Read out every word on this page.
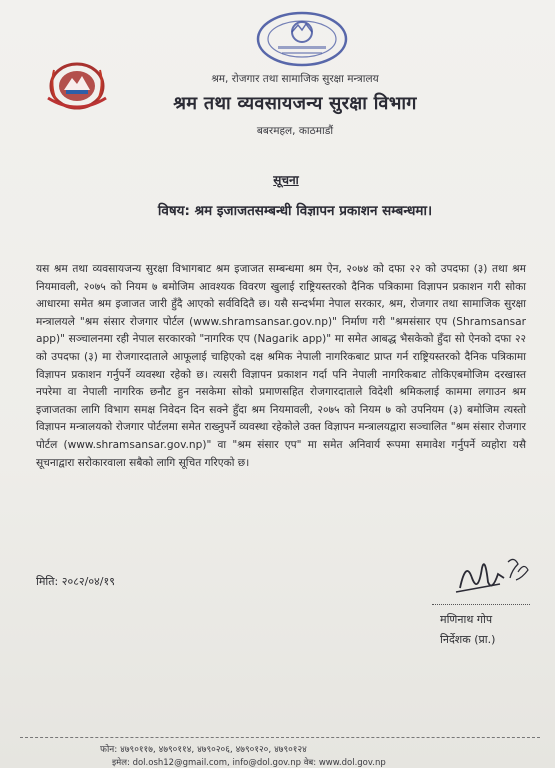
श्रम, रोजगार तथा सामाजिक सुरक्षा मन्त्रालय
श्रम तथा व्यवसायजन्य सुरक्षा विभाग
बबरमहल, काठमाडौं
सूचना
विषय: श्रम इजाजतसम्बन्धी विज्ञापन प्रकाशन सम्बन्धमा।
यस श्रम तथा व्यवसायजन्य सुरक्षा विभागबाट श्रम इजाजत सम्बन्धमा श्रम ऐन, २०७४ को दफा २२ को उपदफा (३) तथा श्रम नियमावली, २०७५ को नियम ७ बमोजिम आवश्यक विवरण खुलाई राष्ट्रियस्तरको दैनिक पत्रिकामा विज्ञापन प्रकाशन गरी सोका आधारमा समेत श्रम इजाजत जारी हुँदै आएको सर्वविदितै छ। यसै सन्दर्भमा नेपाल सरकार, श्रम, रोजगार तथा सामाजिक सुरक्षा मन्त्रालयले "श्रम संसार रोजगार पोर्टल (www.shramsansar.gov.np)" निर्माण गरी "श्रमसंसार एप (Shramsansar app)" सञ्चालनमा रही नेपाल सरकारको "नागरिक एप (Nagarik app)" मा समेत आबद्ध भैसकेको हुँदा सो ऐनको दफा २२ को उपदफा (३) मा रोजगारदाताले आफूलाई चाहिएको दक्ष श्रमिक नेपाली नागरिकबाट प्राप्त गर्न राष्ट्रियस्तरको दैनिक पत्रिकामा विज्ञापन प्रकाशन गर्नुपर्ने व्यवस्था रहेको छ। त्यसरी विज्ञापन प्रकाशन गर्दा पनि नेपाली नागरिकबाट तोकिएबमोजिम दरखास्त नपरेमा वा नेपाली नागरिक छनौट हुन नसकेमा सोको प्रमाणसहित रोजगारदाताले विदेशी श्रमिकलाई काममा लगाउन श्रम इजाजतका लागि विभाग समक्ष निवेदन दिन सक्ने हुँदा श्रम नियमावली, २०७५ को नियम ७ को उपनियम (३) बमोजिम त्यस्तो विज्ञापन मन्त्रालयको रोजगार पोर्टलमा समेत राख्नुपर्ने व्यवस्था रहेकोले उक्त विज्ञापन मन्त्रालयद्वारा सञ्चालित "श्रम संसार रोजगार पोर्टल (www.shramsansar.gov.np)" वा "श्रम संसार एप" मा समेत अनिवार्य रूपमा समावेश गर्नुपर्ने व्यहोरा यसै सूचनाद्वारा सरोकारवाला सबैको लागि सूचित गरिएको छ।
मिति: २०८२/०४/१९
मणिनाथ गोप
निर्देशक (प्रा.)
फोन: ४७९०११७, ४७९०११४, ४७९०२०६, ४७९०१२०, ४७९०१२४
इमेल: dol.osh12@gmail.com, info@dol.gov.np वेब: www.dol.gov.np
